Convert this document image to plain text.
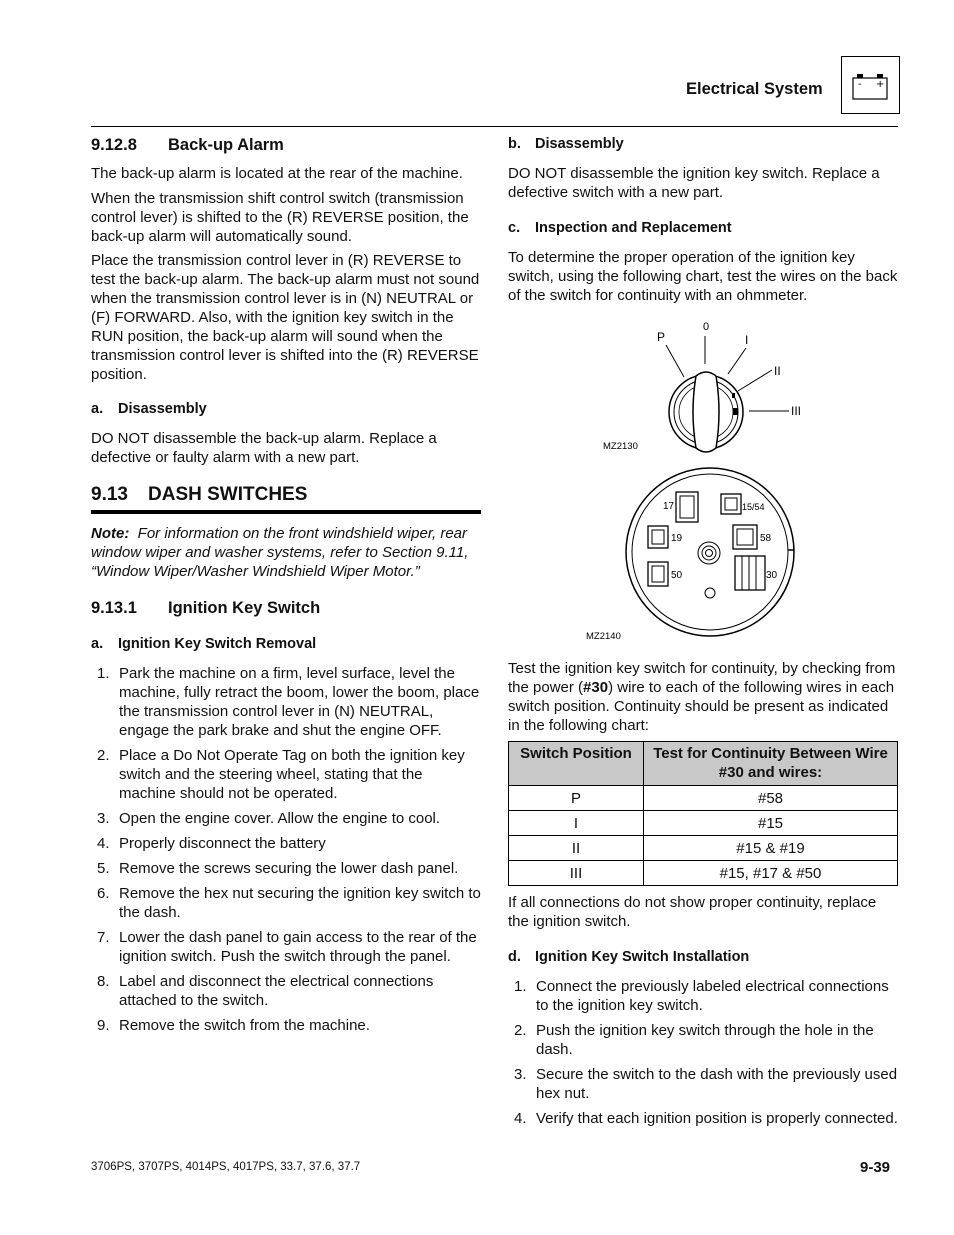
Electrical System	- +
9.12.8 Back-up Alarm

The back-up alarm is located at the rear of the machine.

When the transmission shift control switch (transmission control lever) is shifted to the (R) REVERSE position, the back-up alarm will automatically sound.

Place the transmission control lever in (R) REVERSE to test the back-up alarm. The back-up alarm must not sound when the transmission control lever is in (N) NEUTRAL or (F) FORWARD. Also, with the ignition key switch in the RUN position, the back-up alarm will sound when the transmission control lever is shifted into the (R) REVERSE position.

a. Disassembly

DO NOT disassemble the back-up alarm. Replace a defective or faulty alarm with a new part.

9.13 DASH SWITCHES

Note: For information on the front windshield wiper, rear window wiper and washer systems, refer to Section 9.11, “Window Wiper/Washer Windshield Wiper Motor.”

9.13.1 Ignition Key Switch
a. Ignition Key Switch Removal
1. Park the machine on a firm, level surface, level the machine, fully retract the boom, lower the boom, place the transmission control lever in (N) NEUTRAL, engage the park brake and shut the engine OFF.
2. Place a Do Not Operate Tag on both the ignition key switch and the steering wheel, stating that the machine should not be operated.
3. Open the engine cover. Allow the engine to cool.
4. Properly disconnect the battery
5. Remove the screws securing the lower dash panel.
6. Remove the hex nut securing the ignition key switch to the dash.
7. Lower the dash panel to gain access to the rear of the ignition switch. Push the switch through the panel.
8. Label and disconnect the electrical connections attached to the switch.
9. Remove the switch from the machine.
b. Disassembly

DO NOT disassemble the ignition key switch. Replace a defective switch with a new part.

c. Inspection and Replacement

To determine the proper operation of the ignition key switch, using the following chart, test the wires on the back of the switch for continuity with an ohmmeter.

P
0
I
II
III
MZ2130
17	15/54
19	58
50	30
MZ2140

Test the ignition key switch for continuity, by checking from the power (#30) wire to each of the following wires in each switch position. Continuity should be present as indicated in the following chart:

Switch Position	Test for Continuity Between Wire #30 and wires:
P	#58
I	#15
II	#15 & #19
III	#15, #17 & #50

If all connections do not show proper continuity, replace the ignition switch.

d. Ignition Key Switch Installation
1. Connect the previously labeled electrical connections to the ignition key switch.
2. Push the ignition key switch through the hole in the dash.
3. Secure the switch to the dash with the previously used hex nut.
4. Verify that each ignition position is properly connected.
3706PS, 3707PS, 4014PS, 4017PS, 33.7, 37.6, 37.7	9-39
